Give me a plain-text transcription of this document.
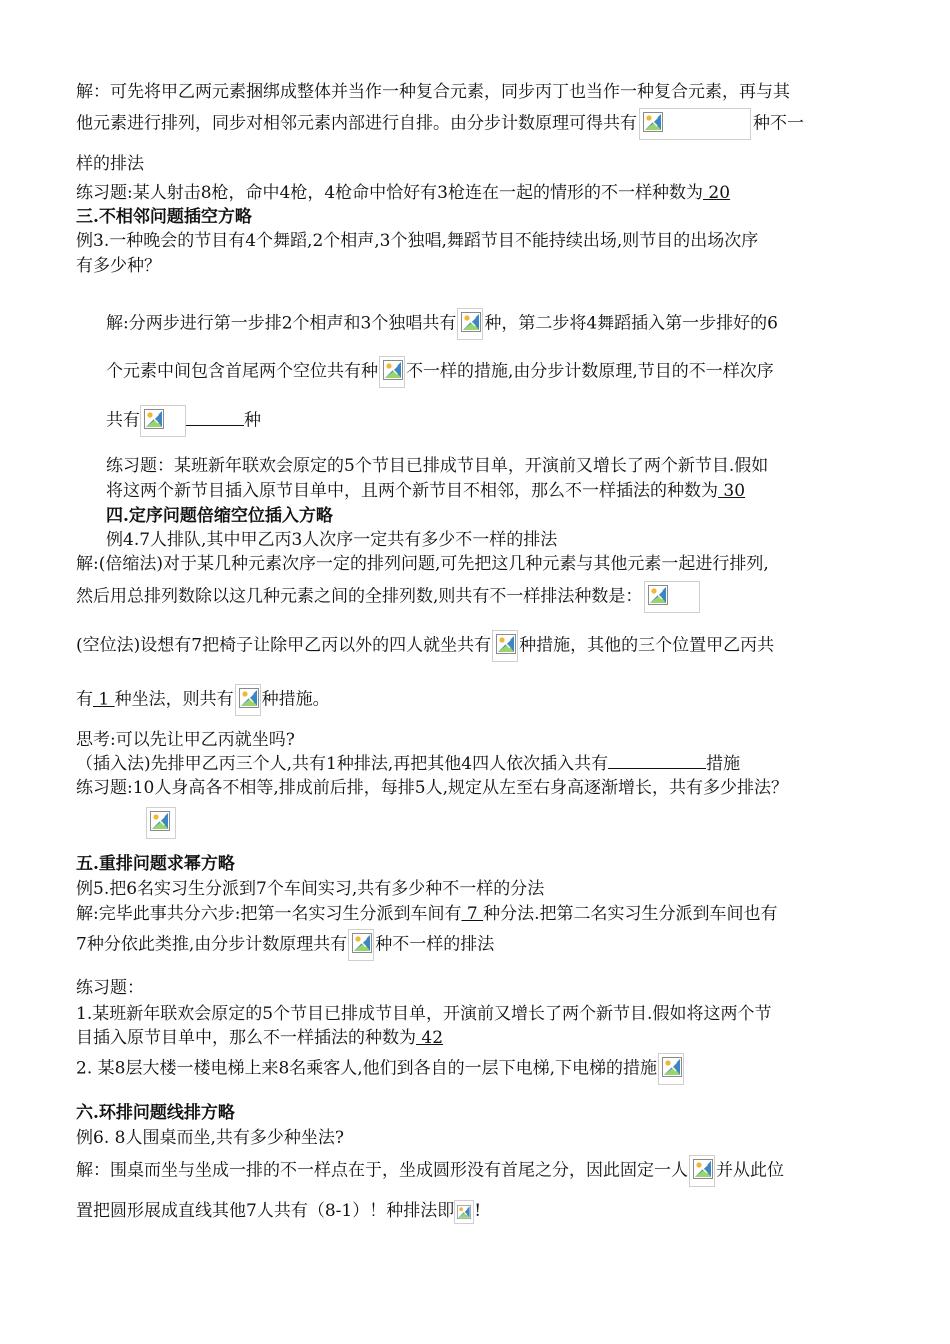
解：可先将甲乙两元素捆绑成整体并当作一种复合元素，同步丙丁也当作一种复合元素，再与其
他元素进行排列，同步对相邻元素内部进行自排。由分步计数原理可得共有	种不一
样的排法
练习题:某人射击8枪，命中4枪，4枪命中恰好有3枪连在一起的情形的不一样种数为 20
三.不相邻问题插空方略
例3.一种晚会的节目有4个舞蹈,2个相声,3个独唱,舞蹈节目不能持续出场,则节目的出场次序
有多少种？
解:分两步进行第一步排2个相声和3个独唱共有 种，第二步将4舞蹈插入第一步排好的6
个元素中间包含首尾两个空位共有种 不一样的措施,由分步计数原理,节目的不一样次序
共有	种
练习题：某班新年联欢会原定的5个节目已排成节目单，开演前又增长了两个新节目.假如
将这两个新节目插入原节目单中，且两个新节目不相邻，那么不一样插法的种数为 30
四.定序问题倍缩空位插入方略
例4.7人排队,其中甲乙丙3人次序一定共有多少不一样的排法
解:(倍缩法)对于某几种元素次序一定的排列问题,可先把这几种元素与其他元素一起进行排列,
然后用总排列数除以这几种元素之间的全排列数,则共有不一样排法种数是：
(空位法)设想有7把椅子让除甲乙丙以外的四人就坐共有 种措施，其他的三个位置甲乙丙共
有 1 种坐法，则共有 种措施。
思考:可以先让甲乙丙就坐吗?
（插入法)先排甲乙丙三个人,共有1种排法,再把其他4四人依次插入共有	措施
练习题:10人身高各不相等,排成前后排，每排5人,规定从左至右身高逐渐增长，共有多少排法？
五.重排问题求幂方略
例5.把6名实习生分派到7个车间实习,共有多少种不一样的分法
解:完毕此事共分六步:把第一名实习生分派到车间有 7 种分法.把第二名实习生分派到车间也有
7种分依此类推,由分步计数原理共有 种不一样的排法
练习题：
1.某班新年联欢会原定的5个节目已排成节目单，开演前又增长了两个新节目.假如将这两个节
目插入原节目单中，那么不一样插法的种数为 42
2. 某8层大楼一楼电梯上来8名乘客人,他们到各自的一层下电梯,下电梯的措施
六.环排问题线排方略
例6. 8人围桌而坐,共有多少种坐法?
解：围桌而坐与坐成一排的不一样点在于，坐成圆形没有首尾之分，因此固定一人 并从此位
置把圆形展成直线其他7人共有（8-1）！种排法即 !
